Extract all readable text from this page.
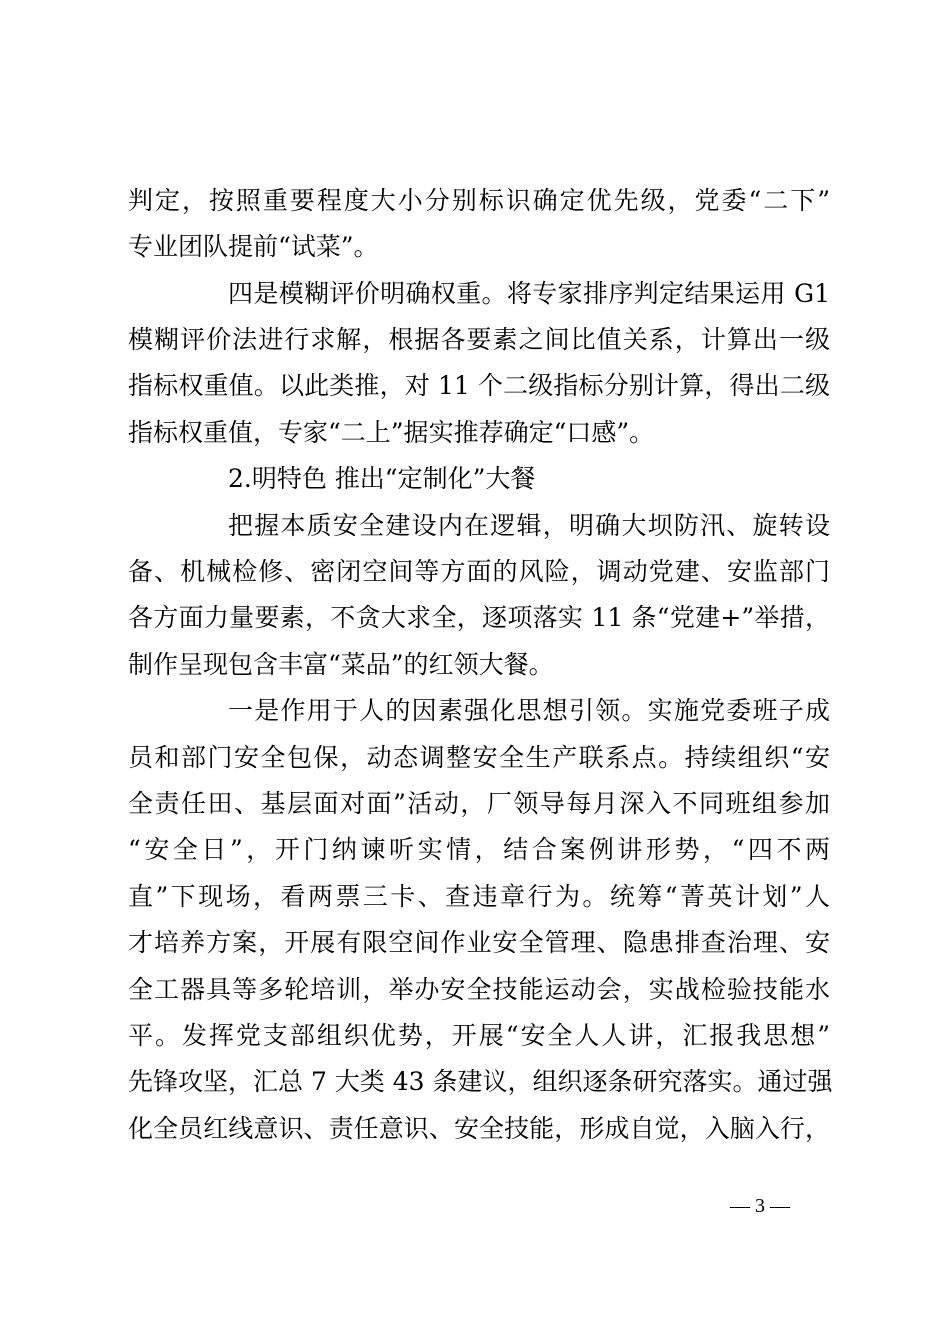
判定，按照重要程度大小分别标识确定优先级，党委“二下”
专业团队提前“试菜”。
四是模糊评价明确权重。将专家排序判定结果运用 G1
模糊评价法进行求解，根据各要素之间比值关系，计算出一级
指标权重值。以此类推，对 11 个二级指标分别计算，得出二级
指标权重值，专家“二上”据实推荐确定“口感”。
2.明特色 推出“定制化”大餐
把握本质安全建设内在逻辑，明确大坝防汛、旋转设
备、机械检修、密闭空间等方面的风险，调动党建、安监部门
各方面力量要素，不贪大求全，逐项落实 11 条“党建+”举措，
制作呈现包含丰富“菜品”的红领大餐。
一是作用于人的因素强化思想引领。实施党委班子成
员和部门安全包保，动态调整安全生产联系点。持续组织“安
全责任田、基层面对面”活动，厂领导每月深入不同班组参加
“安全日”，开门纳谏听实情，结合案例讲形势，“四不两
直”下现场，看两票三卡、查违章行为。统筹“菁英计划”人
才培养方案，开展有限空间作业安全管理、隐患排查治理、安
全工器具等多轮培训，举办安全技能运动会，实战检验技能水
平。发挥党支部组织优势，开展“安全人人讲，汇报我思想”
先锋攻坚，汇总 7 大类 43 条建议，组织逐条研究落实。通过强
化全员红线意识、责任意识、安全技能，形成自觉，入脑入行，
— 3 —
